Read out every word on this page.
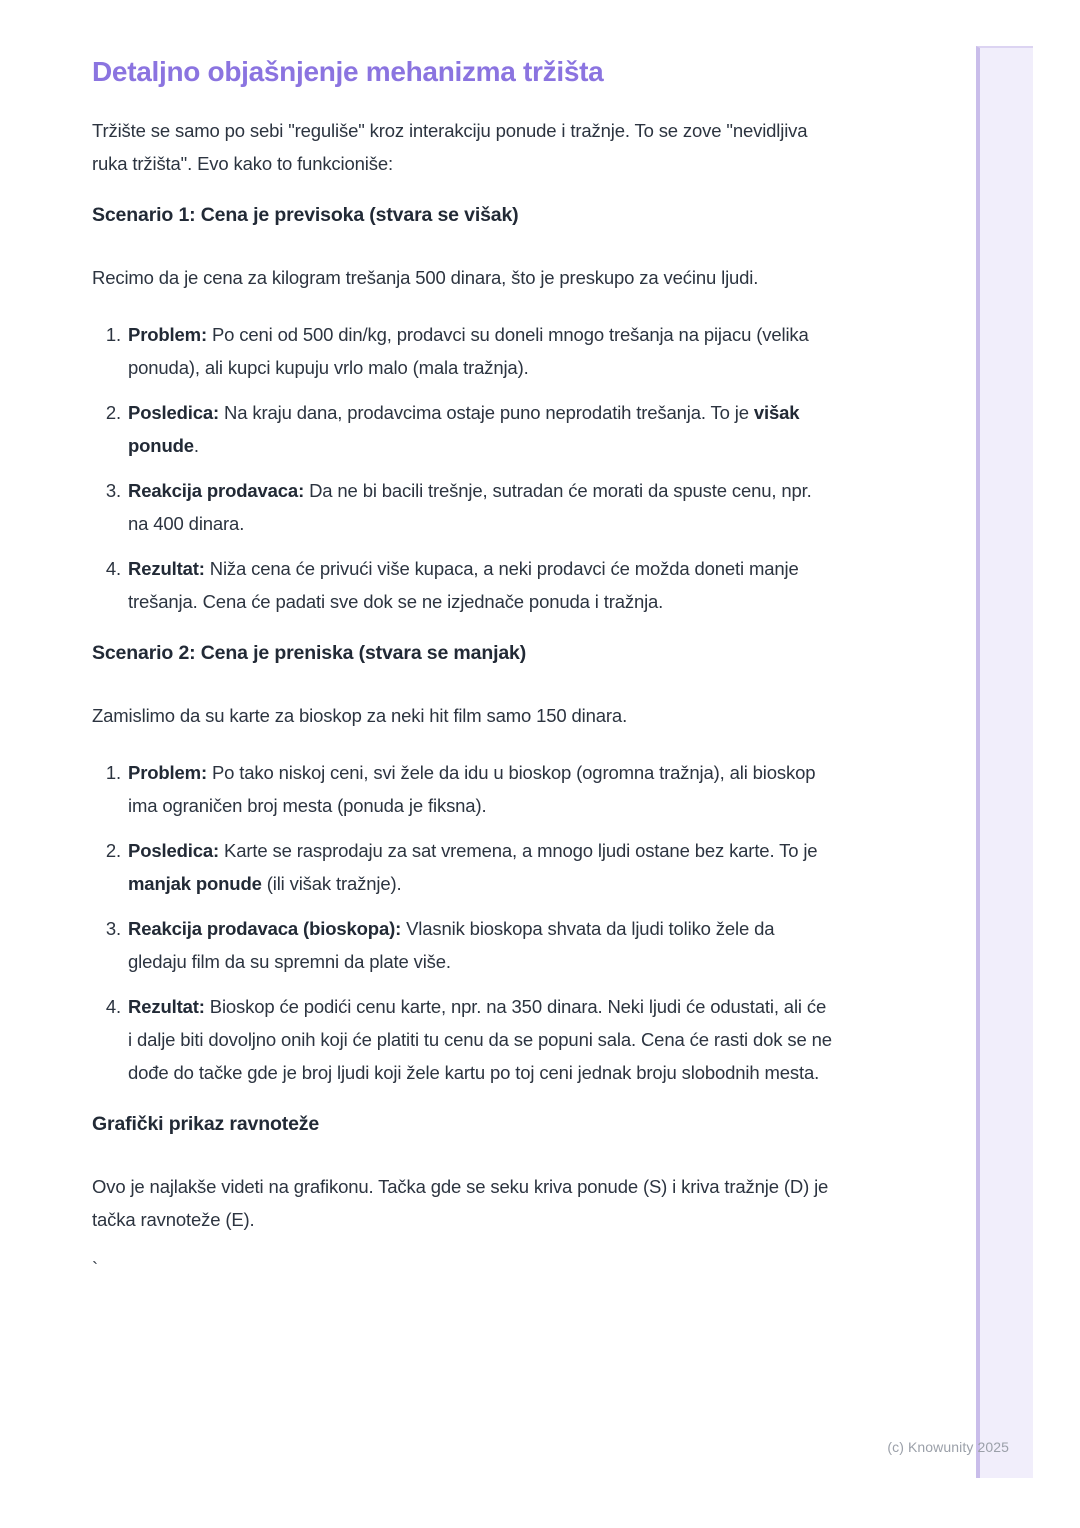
Detaljno objašnjenje mehanizma tržišta

Tržište se samo po sebi "reguliše" kroz interakciju ponude i tražnje. To se zove "nevidljiva ruka tržišta". Evo kako to funkcioniše:

Scenario 1: Cena je previsoka (stvara se višak)

Recimo da je cena za kilogram trešanja 500 dinara, što je preskupo za većinu ljudi.

1. Problem: Po ceni od 500 din/kg, prodavci su doneli mnogo trešanja na pijacu (velika ponuda), ali kupci kupuju vrlo malo (mala tražnja).
2. Posledica: Na kraju dana, prodavcima ostaje puno neprodatih trešanja. To je višak ponude.
3. Reakcija prodavaca: Da ne bi bacili trešnje, sutradan će morati da spuste cenu, npr. na 400 dinara.
4. Rezultat: Niža cena će privući više kupaca, a neki prodavci će možda doneti manje trešanja. Cena će padati sve dok se ne izjednače ponuda i tražnja.
Scenario 2: Cena je preniska (stvara se manjak)

Zamislimo da su karte za bioskop za neki hit film samo 150 dinara.

1. Problem: Po tako niskoj ceni, svi žele da idu u bioskop (ogromna tražnja), ali bioskop ima ograničen broj mesta (ponuda je fiksna).
2. Posledica: Karte se rasprodaju za sat vremena, a mnogo ljudi ostane bez karte. To je manjak ponude (ili višak tražnje).
3. Reakcija prodavaca (bioskopa): Vlasnik bioskopa shvata da ljudi toliko žele da gledaju film da su spremni da plate više.
4. Rezultat: Bioskop će podići cenu karte, npr. na 350 dinara. Neki ljudi će odustati, ali će i dalje biti dovoljno onih koji će platiti tu cenu da se popuni sala. Cena će rasti dok se ne dođe do tačke gde je broj ljudi koji žele kartu po toj ceni jednak broju slobodnih mesta.
Grafički prikaz ravnoteže

Ovo je najlakše videti na grafikonu. Tačka gde se seku kriva ponude (S) i kriva tražnje (D) je tačka ravnoteže (E).

`

(c) Knowunity 2025
